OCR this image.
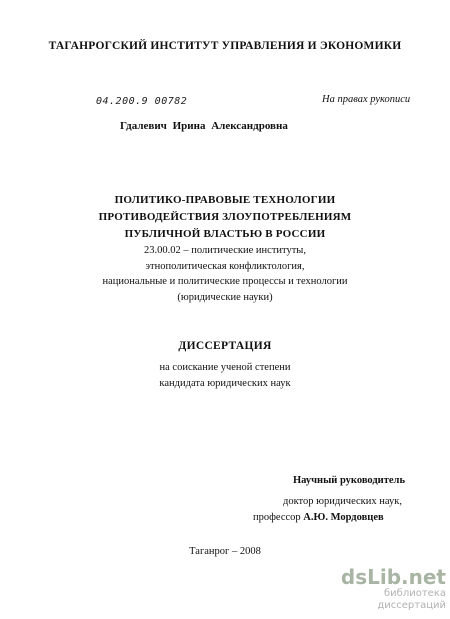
ТАГАНРОГСКИЙ ИНСТИТУТ УПРАВЛЕНИЯ И ЭКОНОМИКИ
04.200.9 00782	На правах рукописи
Гдалевич Ирина Александровна
ПОЛИТИКО-ПРАВОВЫЕ ТЕХНОЛОГИИ
ПРОТИВОДЕЙСТВИЯ ЗЛОУПОТРЕБЛЕНИЯМ
ПУБЛИЧНОЙ ВЛАСТЬЮ В РОССИИ
23.00.02 – политические институты,
этнополитическая конфликтология,
национальные и политические процессы и технологии
(юридические науки)
ДИССЕРТАЦИЯ
на соискание ученой степени
кандидата юридических наук
Научный руководитель
доктор юридических наук,
профессор А.Ю. Мордовцев
Таганрог – 2008
dsLib.net
библиотека диссертаций
